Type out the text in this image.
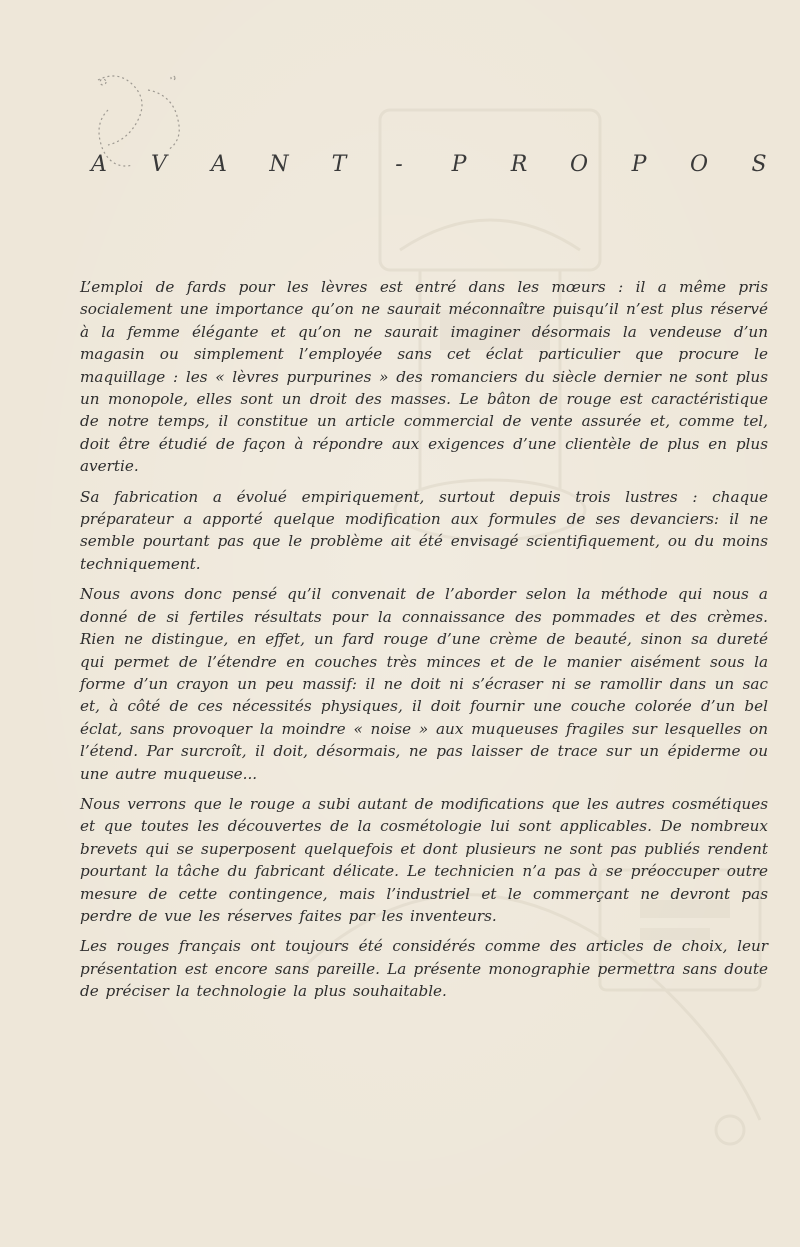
A	V	A	N	T	-	P	R	O	P	O	S

L’emploi de fards pour les lèvres est entré dans les mœurs : il a même pris socialement une importance qu’on ne saurait méconnaître puisqu’il n’est plus réservé à la femme élégante et qu’on ne saurait imaginer désormais la vendeuse d’un magasin ou simplement l’employée sans cet éclat particulier que procure le maquillage : les « lèvres purpurines » des romanciers du siècle dernier ne sont plus un monopole, elles sont un droit des masses. Le bâton de rouge est caractéristique de notre temps, il constitue un article commercial de vente assurée et, comme tel, doit être étudié de façon à répondre aux exigences d’une clientèle de plus en plus avertie.

Sa fabrication a évolué empiriquement, surtout depuis trois lustres : chaque préparateur a apporté quelque modification aux formules de ses devanciers: il ne semble pourtant pas que le problème ait été envisagé scientifiquement, ou du moins techniquement.

Nous avons donc pensé qu’il convenait de l’aborder selon la méthode qui nous a donné de si fertiles résultats pour la connaissance des pommades et des crèmes. Rien ne distingue, en effet, un fard rouge d’une crème de beauté, sinon sa dureté qui permet de l’étendre en couches très minces et de le manier aisément sous la forme d’un crayon un peu massif: il ne doit ni s’écraser ni se ramollir dans un sac et, à côté de ces nécessités physiques, il doit fournir une couche colorée d’un bel éclat, sans provoquer la moindre « noise » aux muqueuses fragiles sur lesquelles on l’étend. Par surcroît, il doit, désormais, ne pas laisser de trace sur un épiderme ou une autre muqueuse...

Nous verrons que le rouge a subi autant de modifications que les autres cosmétiques et que toutes les découvertes de la cosmétologie lui sont applicables. De nombreux brevets qui se superposent quelquefois et dont plusieurs ne sont pas publiés rendent pourtant la tâche du fabricant délicate. Le technicien n’a pas à se préoccuper outre mesure de cette contingence, mais l’industriel et le commerçant ne devront pas perdre de vue les réserves faites par les inventeurs.

Les rouges français ont toujours été considérés comme des articles de choix, leur présentation est encore sans pareille. La présente monographie permettra sans doute de préciser la technologie la plus souhaitable.
